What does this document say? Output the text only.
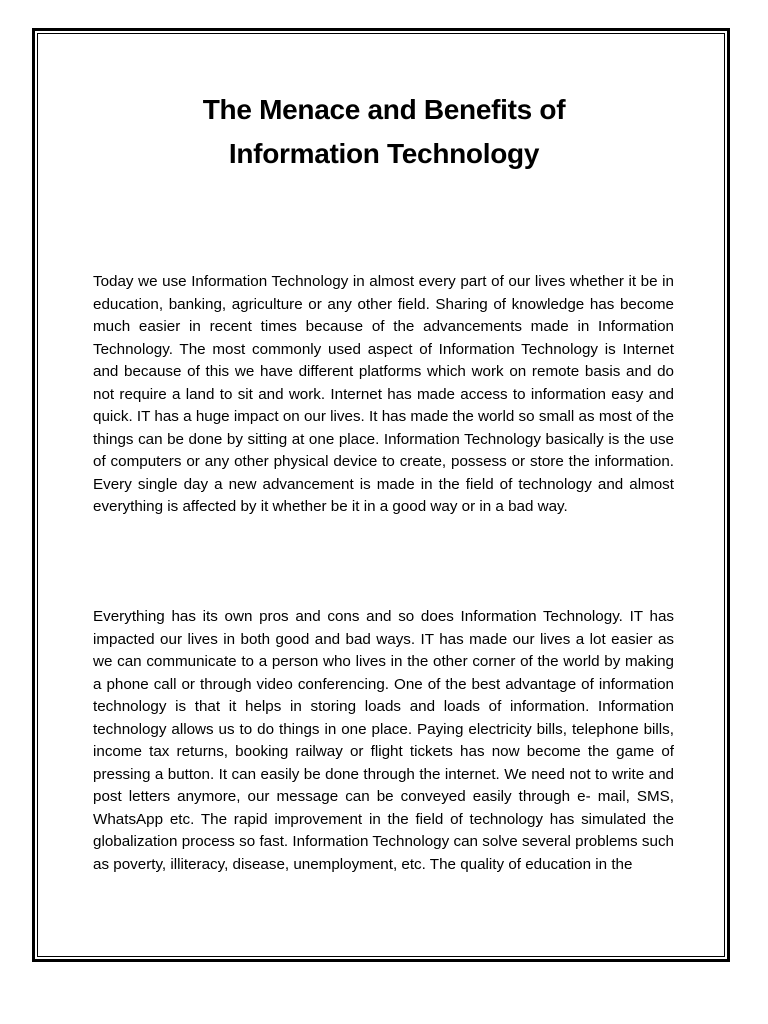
The Menace and Benefits of
Information Technology

Today we use Information Technology in almost every part of our lives whether it be in education, banking, agriculture or any other field. Sharing of knowledge has become much easier in recent times because of the advancements made in Information Technology. The most commonly used aspect of Information Technology is Internet and because of this we have different platforms which work on remote basis and do not require a land to sit and work. Internet has made access to information easy and quick. IT has a huge impact on our lives. It has made the world so small as most of the things can be done by sitting at one place. Information Technology basically is the use of computers or any other physical device to create, possess or store the information. Every single day a new advancement is made in the field of technology and almost everything is affected by it whether be it in a good way or in a bad way.

Everything has its own pros and cons and so does Information Technology. IT has impacted our lives in both good and bad ways. IT has made our lives a lot easier as we can communicate to a person who lives in the other corner of the world by making a phone call or through video conferencing. One of the best advantage of information technology is that it helps in storing loads and loads of information. Information technology allows us to do things in one place. Paying electricity bills, telephone bills, income tax returns, booking railway or flight tickets has now become the game of pressing a button. It can easily be done through the internet. We need not to write and post letters anymore, our message can be conveyed easily through e- mail, SMS, WhatsApp etc. The rapid improvement in the field of technology has simulated the globalization process so fast. Information Technology can solve several problems such as poverty, illiteracy, disease, unemployment, etc. The quality of education in the
